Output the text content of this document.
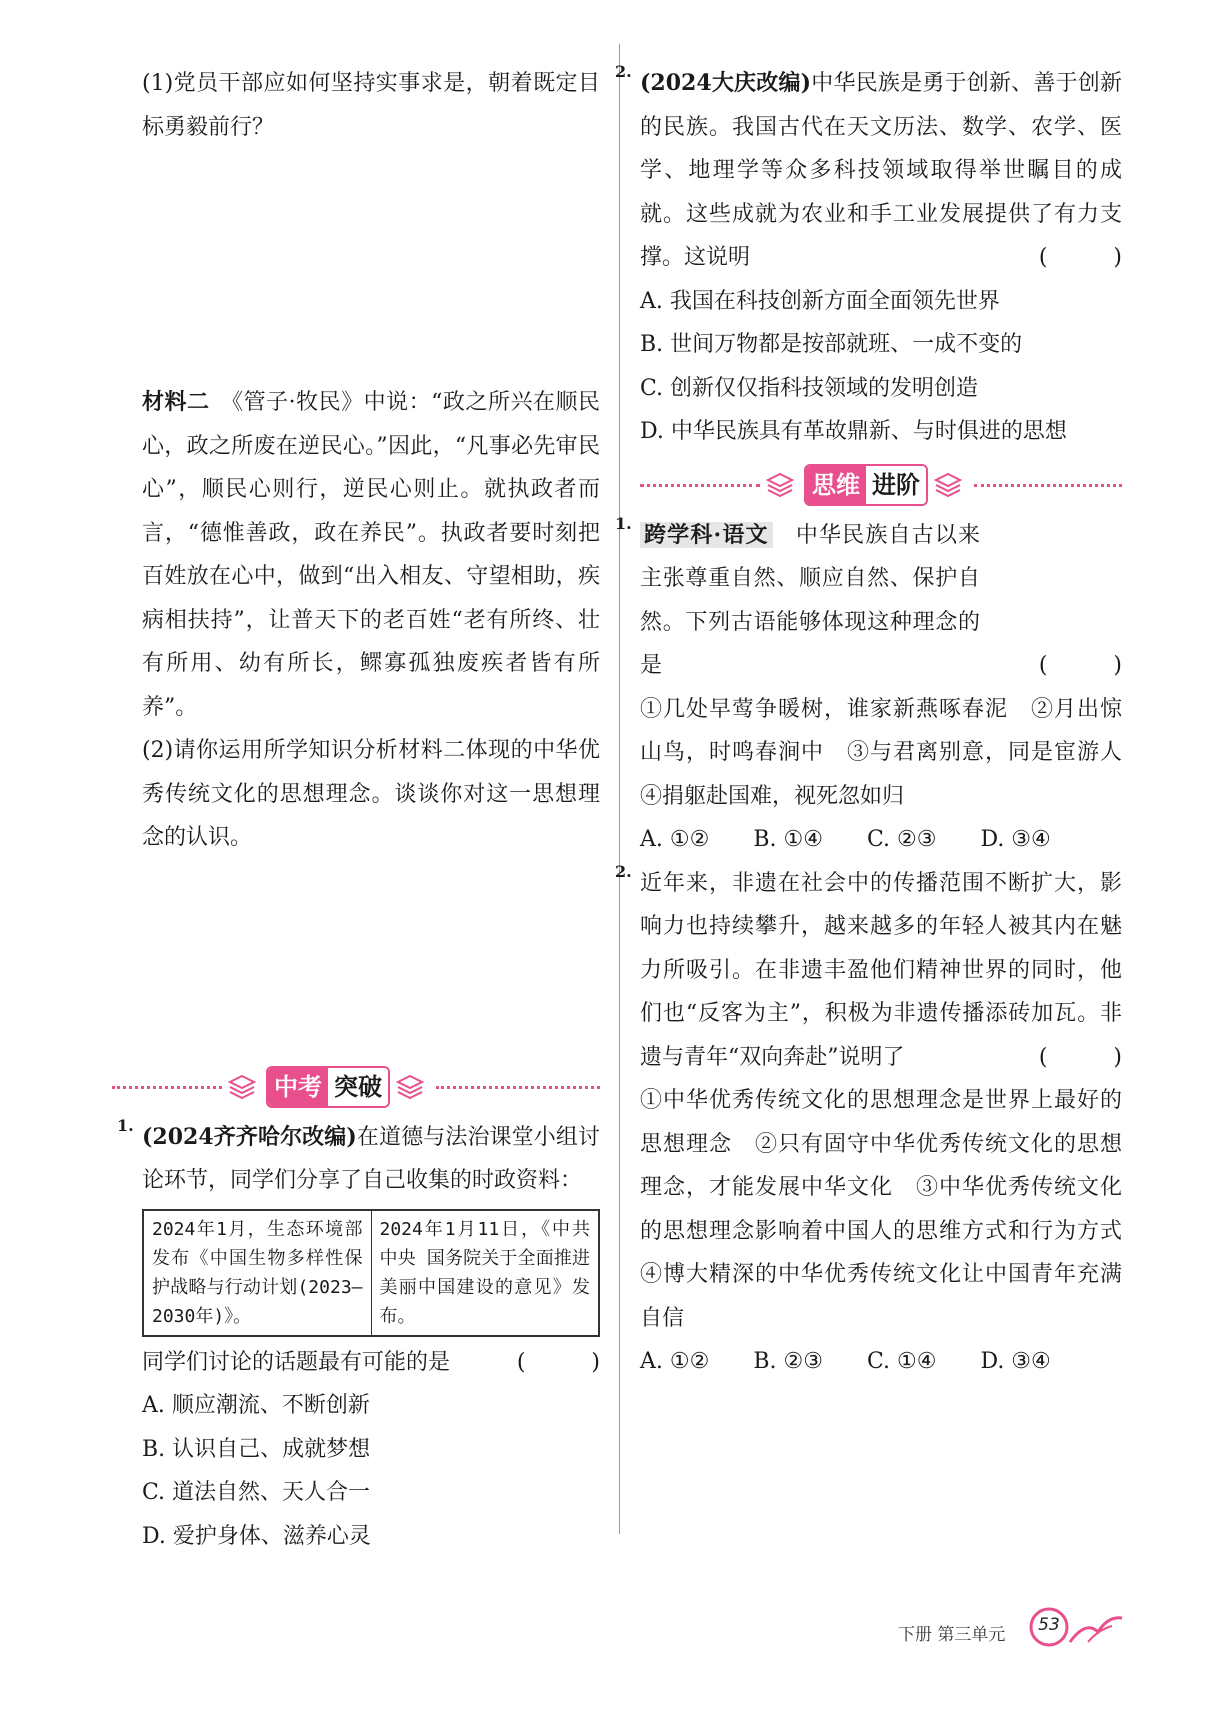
(1)党员干部应如何坚持实事求是，朝着既定目标勇毅前行？

材料二　 《管子·牧民》中说：“政之所兴在顺民心，政之所废在逆民心。”因此，“凡事必先审民心”，顺民心则行，逆民心则止。就执政者而言，“德惟善政，政在养民”。执政者要时刻把百姓放在心中，做到“出入相友、守望相助，疾病相扶持”，让普天下的老百姓“老有所终、壮有所用、幼有所长，鳏寡孤独废疾者皆有所养”。

(2)请你运用所学知识分析材料二体现的中华优秀传统文化的思想理念。谈谈你对这一思想理念的认识。

中考 突破
1. (2024齐齐哈尔改编)在道德与法治课堂小组讨论环节，同学们分享了自己收集的时政资料：

2024年1月，生态环境部发布《中国生物多样性保护战略与行动计划(2023—2030年)》。	2024年1月11日，《中共中央 国务院关于全面推进美丽中国建设的意见》发布。

同学们讨论的话题最有可能的是	(　　　)

A. 顺应潮流、不断创新

B. 认识自己、成就梦想

C. 道法自然、天人合一

D. 爱护身体、滋养心灵

2. (2024大庆改编)中华民族是勇于创新、善于创新的民族。我国古代在天文历法、数学、农学、医学、地理学等众多科技领域取得举世瞩目的成就。这些成就为农业和手工业发展提供了有力支撑。这说明	(　　　)

A. 我国在科技创新方面全面领先世界

B. 世间万物都是按部就班、一成不变的

C. 创新仅仅指科技领域的发明创造

D. 中华民族具有革故鼎新、与时俱进的思想

思维 进阶
1. 跨学科·语文　 中华民族自古以来主张尊重自然、顺应自然、保护自然。下列古语能够体现这种理念的是	(　　　)

①几处早莺争暖树，谁家新燕啄春泥　②月出惊山鸟，时鸣春涧中　③与君离别意，同是宦游人　④捐躯赴国难，视死忽如归

A. ①②　　 B. ①④　　 C. ②③　　 D. ③④

2. 近年来，非遗在社会中的传播范围不断扩大，影响力也持续攀升，越来越多的年轻人被其内在魅力所吸引。在非遗丰盈他们精神世界的同时，他们也“反客为主”，积极为非遗传播添砖加瓦。非遗与青年“双向奔赴”说明了	(　　　)

①中华优秀传统文化的思想理念是世界上最好的思想理念　②只有固守中华优秀传统文化的思想理念，才能发展中华文化　③中华优秀传统文化的思想理念影响着中国人的思维方式和行为方式　④博大精深的中华优秀传统文化让中国青年充满自信

A. ①②　　 B. ②③　　 C. ①④　　 D. ③④

下册 第三单元	53
